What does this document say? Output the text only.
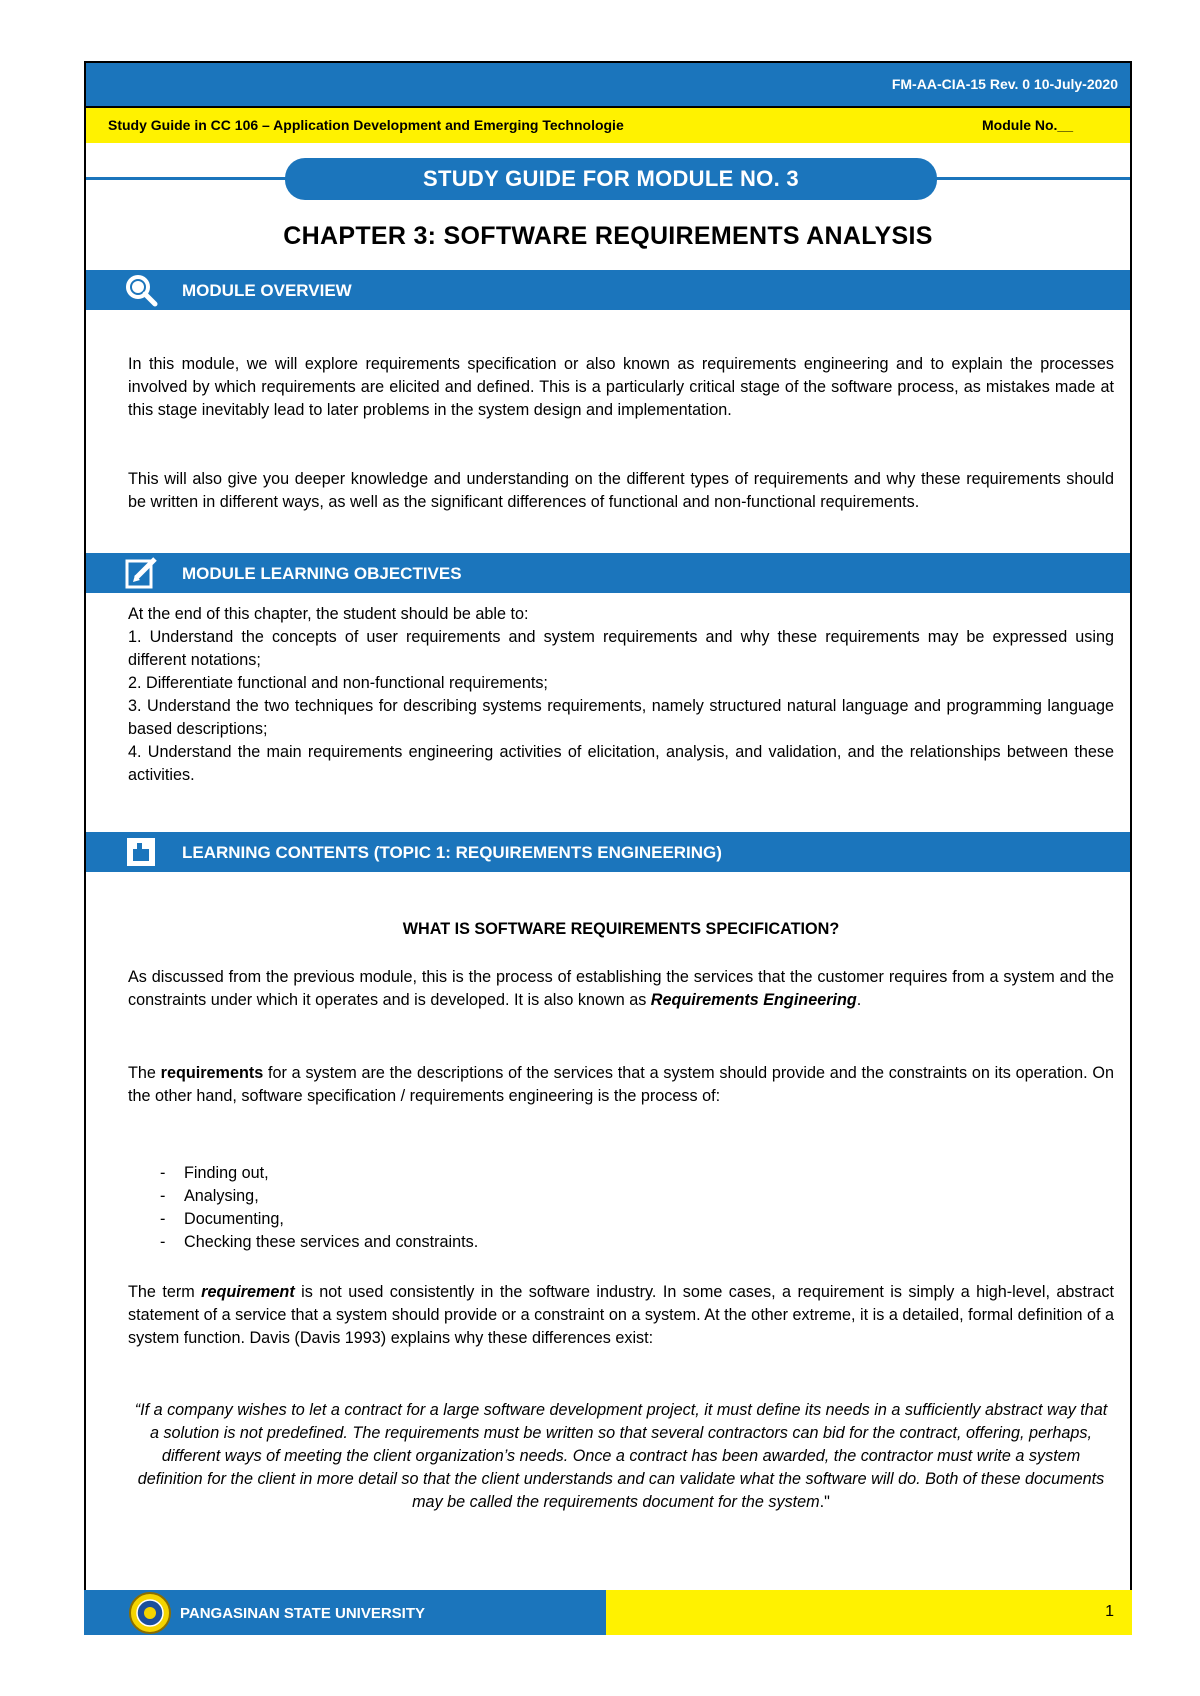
FM-AA-CIA-15 Rev. 0 10-July-2020
Study Guide in CC 106 – Application Development and Emerging Technologie	Module No.__
STUDY GUIDE FOR MODULE NO. 3
CHAPTER 3: SOFTWARE REQUIREMENTS ANALYSIS
MODULE OVERVIEW
In this module, we will explore requirements specification or also known as requirements engineering and to explain the processes involved by which requirements are elicited and defined. This is a particularly critical stage of the software process, as mistakes made at this stage inevitably lead to later problems in the system design and implementation.
This will also give you deeper knowledge and understanding on the different types of requirements and why these requirements should be written in different ways, as well as the significant differences of functional and non-functional requirements.
MODULE LEARNING OBJECTIVES

At the end of this chapter, the student should be able to:

1. Understand the concepts of user requirements and system requirements and why these requirements may be expressed using different notations;

2. Differentiate functional and non-functional requirements;

3. Understand the two techniques for describing systems requirements, namely structured natural language and programming language based descriptions;

4. Understand the main requirements engineering activities of elicitation, analysis, and validation, and the relationships between these activities.

LEARNING CONTENTS (TOPIC 1: REQUIREMENTS ENGINEERING)
WHAT IS SOFTWARE REQUIREMENTS SPECIFICATION?
As discussed from the previous module, this is the process of establishing the services that the customer requires from a system and the constraints under which it operates and is developed. It is also known as Requirements Engineering.
The requirements for a system are the descriptions of the services that a system should provide and the constraints on its operation. On the other hand, software specification / requirements engineering is the process of:
-	Finding out,
-	Analysing,
-	Documenting,
-	Checking these services and constraints.
The term requirement is not used consistently in the software industry. In some cases, a requirement is simply a high-level, abstract statement of a service that a system should provide or a constraint on a system. At the other extreme, it is a detailed, formal definition of a system function. Davis (Davis 1993) explains why these differences exist:
“If a company wishes to let a contract for a large software development project, it must define its needs in a sufficiently abstract way that a solution is not predefined. The requirements must be written so that several contractors can bid for the contract, offering, perhaps, different ways of meeting the client organization’s needs. Once a contract has been awarded, the contractor must write a system definition for the client in more detail so that the client understands and can validate what the software will do. Both of these documents may be called the requirements document for the system."
PANGASINAN STATE UNIVERSITY	1
